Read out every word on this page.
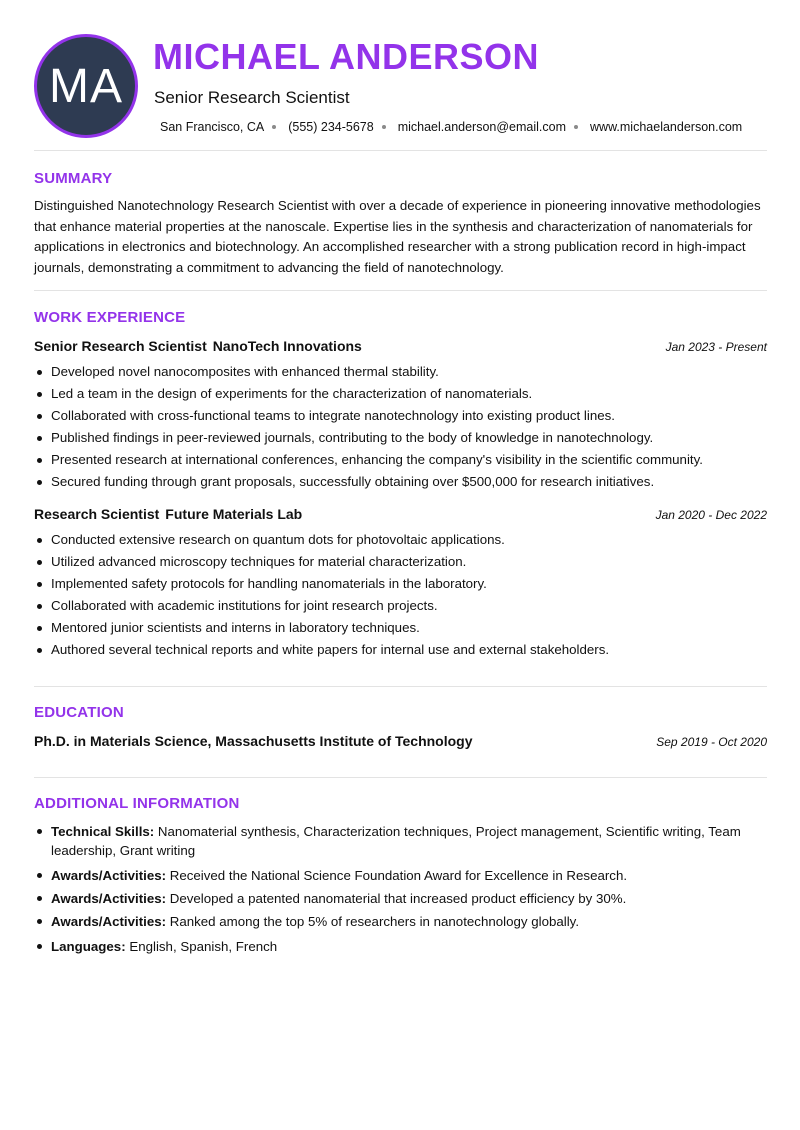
MA
MICHAEL ANDERSON
Senior Research Scientist
San Francisco, CA (555) 234-5678 michael.anderson@email.com www.michaelanderson.com
SUMMARY
Distinguished Nanotechnology Research Scientist with over a decade of experience in pioneering innovative methodologies
that enhance material properties at the nanoscale. Expertise lies in the synthesis and characterization of nanomaterials for
applications in electronics and biotechnology. An accomplished researcher with a strong publication record in high-impact
journals, demonstrating a commitment to advancing the field of nanotechnology.
WORK EXPERIENCE
Senior Research Scientist NanoTech Innovations	Jan 2023 - Present
Developed novel nanocomposites with enhanced thermal stability.
Led a team in the design of experiments for the characterization of nanomaterials.
Collaborated with cross-functional teams to integrate nanotechnology into existing product lines.
Published findings in peer-reviewed journals, contributing to the body of knowledge in nanotechnology.
Presented research at international conferences, enhancing the company's visibility in the scientific community.
Secured funding through grant proposals, successfully obtaining over $500,000 for research initiatives.
Research Scientist Future Materials Lab	Jan 2020 - Dec 2022
Conducted extensive research on quantum dots for photovoltaic applications.
Utilized advanced microscopy techniques for material characterization.
Implemented safety protocols for handling nanomaterials in the laboratory.
Collaborated with academic institutions for joint research projects.
Mentored junior scientists and interns in laboratory techniques.
Authored several technical reports and white papers for internal use and external stakeholders.
EDUCATION
Ph.D. in Materials Science, Massachusetts Institute of Technology	Sep 2019 - Oct 2020
ADDITIONAL INFORMATION
Technical Skills: Nanomaterial synthesis, Characterization techniques, Project management, Scientific writing, Team leadership, Grant writing
Awards/Activities: Received the National Science Foundation Award for Excellence in Research.
Awards/Activities: Developed a patented nanomaterial that increased product efficiency by 30%.
Awards/Activities: Ranked among the top 5% of researchers in nanotechnology globally.
Languages: English, Spanish, French
